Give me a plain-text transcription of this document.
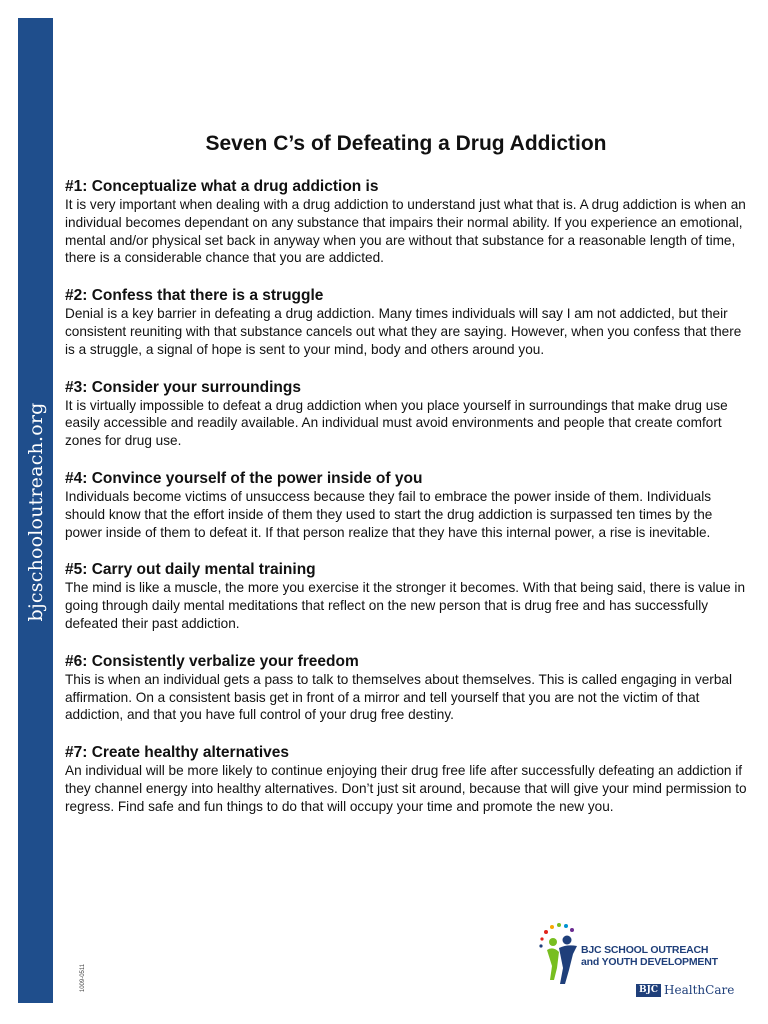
bjcschooloutreach.org
1009-0511
Seven C’s of Defeating a Drug Addiction
#1: Conceptualize what a drug addiction is

It is very important when dealing with a drug addiction to understand just what that is. A drug addiction is when an individual becomes dependant on any substance that impairs their normal ability. If you experience an emotional, mental and/or physical set back in anyway when you are without that substance for a reasonable length of time, there is a considerable chance that you are addicted.

#2: Confess that there is a struggle

Denial is a key barrier in defeating a drug addiction. Many times individuals will say I am not addicted, but their consistent reuniting with that substance cancels out what they are saying. However, when you confess that there is a struggle, a signal of hope is sent to your mind, body and others around you.

#3: Consider your surroundings

It is virtually impossible to defeat a drug addiction when you place yourself in surroundings that make drug use easily accessible and readily available. An individual must avoid environments and people that create comfort zones for drug use.

#4: Convince yourself of the power inside of you

Individuals become victims of unsuccess because they fail to embrace the power inside of them. Individuals should know that the effort inside of them they used to start the drug addiction is surpassed ten times by the power inside of them to defeat it. If that person realize that they have this internal power, a rise is inevitable.

#5: Carry out daily mental training

The mind is like a muscle, the more you exercise it the stronger it becomes. With that being said, there is value in going through daily mental meditations that reflect on the new person that is drug free and has successfully defeated their past addiction.

#6: Consistently verbalize your freedom

This is when an individual gets a pass to talk to themselves about themselves. This is called engaging in verbal affirmation. On a consistent basis get in front of a mirror and tell yourself that you are not the victim of that addiction, and that you have full control of your drug free destiny.

#7: Create healthy alternatives

An individual will be more likely to continue enjoying their drug free life after successfully defeating an addiction if they channel energy into healthy alternatives. Don’t just sit around, because that will give your mind permission to regress. Find safe and fun things to do that will occupy your time and promote the new you.

BJC SCHOOL OUTREACH
and YOUTH DEVELOPMENT
BJC HealthCare
